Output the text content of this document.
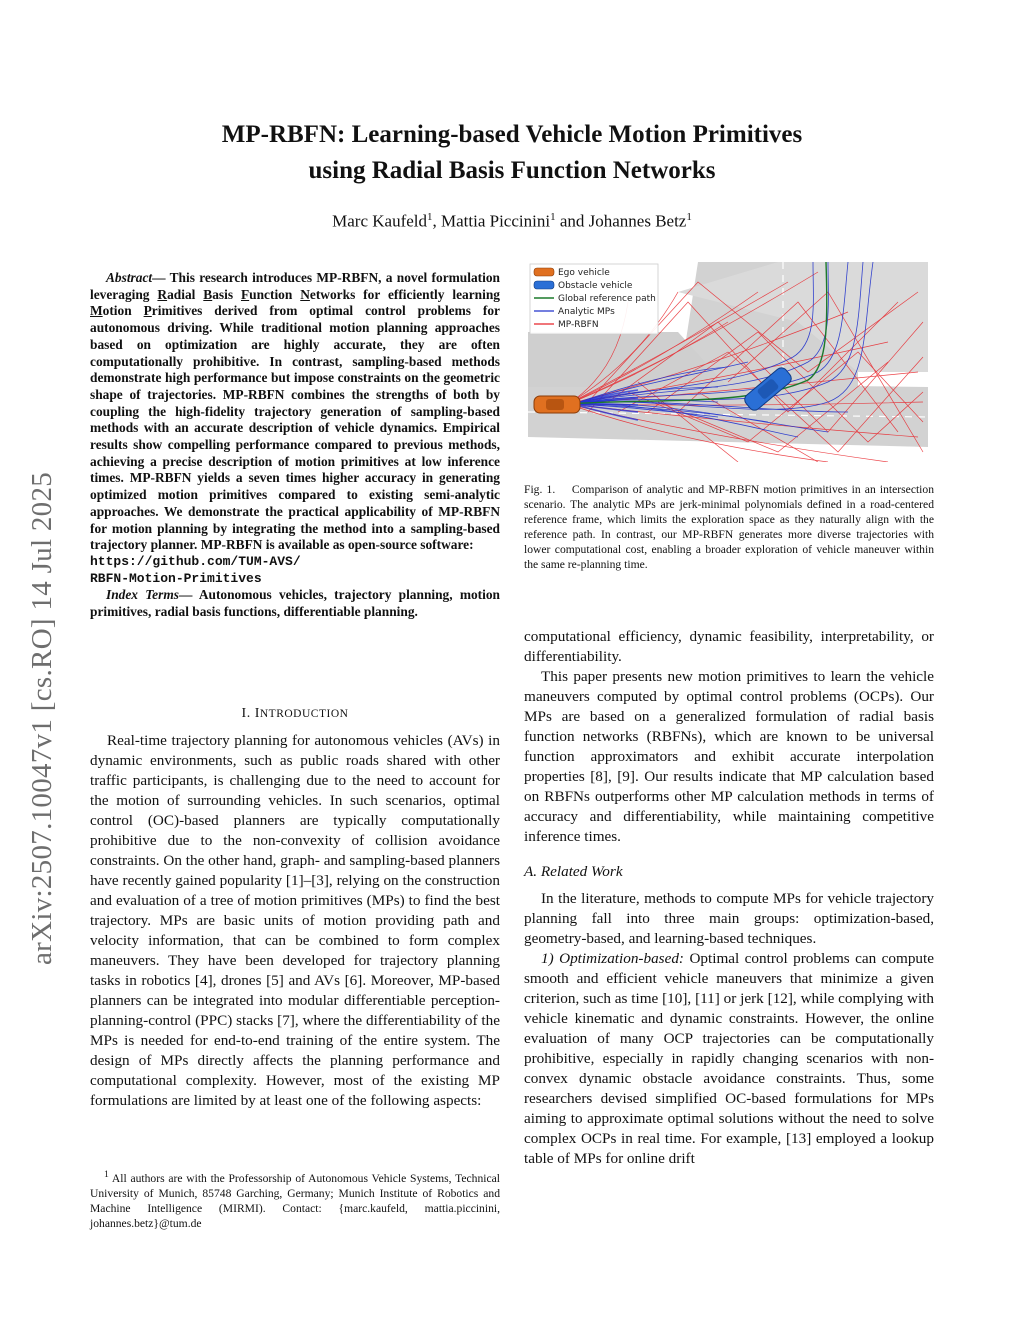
arXiv:2507.10047v1 [cs.RO] 14 Jul 2025
MP-RBFN: Learning-based Vehicle Motion Primitives
using Radial Basis Function Networks
Marc Kaufeld$^1$, Mattia Piccinini$^1$ and Johannes Betz$^1$

Abstract— This research introduces MP-RBFN, a novel formulation leveraging Radial Basis Function Networks for efficiently learning Motion Primitives derived from optimal control problems for autonomous driving. While traditional motion planning approaches based on optimization are highly accurate, they are often computationally prohibitive. In contrast, sampling-based methods demonstrate high performance but impose constraints on the geometric shape of trajectories. MP-RBFN combines the strengths of both by coupling the high-fidelity trajectory generation of sampling-based methods with an accurate description of vehicle dynamics. Empirical results show compelling performance compared to previous methods, achieving a precise description of motion primitives at low inference times. MP-RBFN yields a seven times higher accuracy in generating optimized motion primitives compared to existing semi-analytic approaches. We demonstrate the practical applicability of MP-RBFN for motion planning by integrating the method into a sampling-based trajectory planner. MP-RBFN is available as open-source software:
https://github.com/TUM-AVS/
RBFN-Motion-Primitives

Index Terms— Autonomous vehicles, trajectory planning, motion primitives, radial basis functions, differentiable planning.

I. INTRODUCTION

Real-time trajectory planning for autonomous vehicles (AVs) in dynamic environments, such as public roads shared with other traffic participants, is challenging due to the need to account for the motion of surrounding vehicles. In such scenarios, optimal control (OC)-based planners are typically computationally prohibitive due to the non-convexity of collision avoidance constraints. On the other hand, graph- and sampling-based planners have recently gained popularity [1]–[3], relying on the construction and evaluation of a tree of motion primitives (MPs) to find the best trajectory. MPs are basic units of motion providing path and velocity information, that can be combined to form complex maneuvers. They have been developed for trajectory planning tasks in robotics [4], drones [5] and AVs [6]. Moreover, MP-based planners can be integrated into modular differentiable perception-planning-control (PPC) stacks [7], where the differentiability of the MPs is needed for end-to-end training of the entire system. The design of MPs directly affects the planning performance and computational complexity. However, most of the existing MP formulations are limited by at least one of the following aspects:

$^1$ All authors are with the Professorship of Autonomous Vehicle Systems, Technical University of Munich, 85748 Garching, Germany; Munich Institute of Robotics and Machine Intelligence (MIRMI). Contact: {marc.kaufeld, mattia.piccinini, johannes.betz}@tum.de

Ego vehicle
Obstacle vehicle
Global reference path
Analytic MPs
MP-RBFN

Fig. 1. Comparison of analytic and MP-RBFN motion primitives in an intersection scenario. The analytic MPs are jerk-minimal polynomials defined in a road-centered reference frame, which limits the exploration space as they naturally align with the reference path. In contrast, our MP-RBFN generates more diverse trajectories with lower computational cost, enabling a broader exploration of vehicle maneuver within the same re-planning time.

computational efficiency, dynamic feasibility, interpretability, or differentiability.

This paper presents new motion primitives to learn the vehicle maneuvers computed by optimal control problems (OCPs). Our MPs are based on a generalized formulation of radial basis function networks (RBFNs), which are known to be universal function approximators and exhibit accurate interpolation properties [8], [9]. Our results indicate that MP calculation based on RBFNs outperforms other MP calculation methods in terms of accuracy and differentiability, while maintaining competitive inference times.

A. Related Work

In the literature, methods to compute MPs for vehicle trajectory planning fall into three main groups: optimization-based, geometry-based, and learning-based techniques.

1) Optimization-based: Optimal control problems can compute smooth and efficient vehicle maneuvers that minimize a given criterion, such as time [10], [11] or jerk [12], while complying with vehicle kinematic and dynamic constraints. However, the online evaluation of many OCP trajectories can be computationally prohibitive, especially in rapidly changing scenarios with non-convex dynamic obstacle avoidance constraints. Thus, some researchers devised simplified OC-based formulations for MPs aiming to approximate optimal solutions without the need to solve complex OCPs in real time. For example, [13] employed a lookup table of MPs for online drift
